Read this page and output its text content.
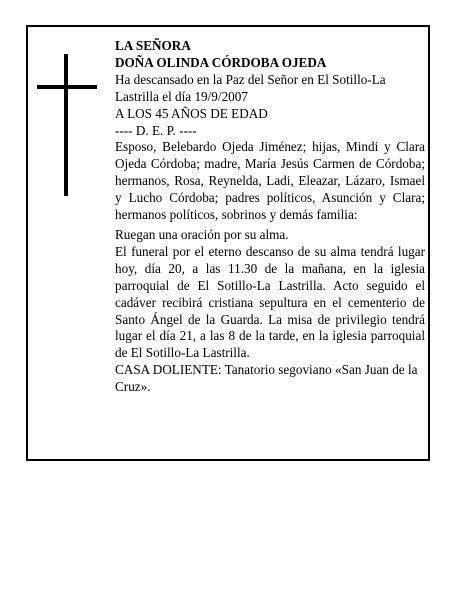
LA SEÑORA

DOÑA OLINDA CÓRDOBA OJEDA

Ha descansado en la Paz del Señor en El Sotillo-La Lastrilla el día 19/9/2007

A LOS 45 AÑOS DE EDAD

---- D. E. P. ----

Esposo, Belebardo Ojeda Jiménez; hijas, Mindi y Clara Ojeda Córdoba; madre, María Jesús Carmen de Córdoba; hermanos, Rosa, Reynelda, Ladi, Eleazar, Lázaro, Ismael y Lucho Córdoba; padres políticos, Asunción y Clara; hermanos políticos, sobrinos y demás familia:

Ruegan una oración por su alma.

El funeral por el eterno descanso de su alma tendrá lugar hoy, día 20, a las 11.30 de la mañana, en la iglesia parroquial de El Sotillo-La Lastrilla. Acto seguido el cadáver recibirá cristiana sepultura en el cementerio de Santo Ángel de la Guarda. La misa de privilegio tendrá lugar el día 21, a las 8 de la tarde, en la iglesia parroquial de El Sotillo-La Lastrilla.

CASA DOLIENTE: Tanatorio segoviano «San Juan de la Cruz».
